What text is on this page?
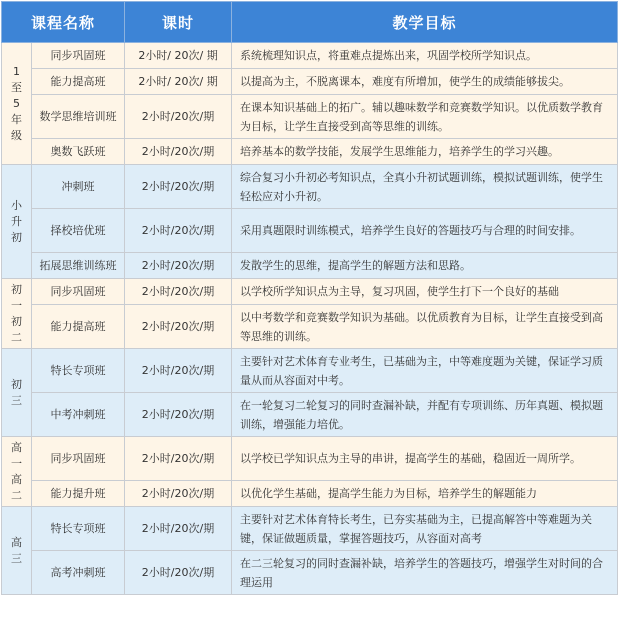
课程名称		课时	教学目标
1至5年级	同步巩固班	2小时/ 20次/ 期	系统梳理知识点，将重难点提炼出来，巩固学校所学知识点。
	能力提高班	2小时/ 20次/ 期	以提高为主，不脱离课本，难度有所增加，使学生的成绩能够拔尖。
	数学思维培训班	2小时/20次/期	在课本知识基础上的拓广。辅以趣味数学和竞赛数学知识。以优质数学教育为目标，让学生直接受到高等思维的训练。
	奥数飞跃班	2小时/20次/期	培养基本的数学技能，发展学生思维能力，培养学生的学习兴趣。
小升初	冲刺班	2小时/20次/期	综合复习小升初必考知识点，全真小升初试题训练，模拟试题训练，使学生轻松应对小升初。
	择校培优班	2小时/20次/期	采用真题限时训练模式，培养学生良好的答题技巧与合理的时间安排。
	拓展思维训练班	2小时/20次/期	发散学生的思维，提高学生的解题方法和思路。
初一初二	同步巩固班	2小时/20次/期	以学校所学知识点为主导，复习巩固，使学生打下一个良好的基础
	能力提高班	2小时/20次/期	以中考数学和竞赛数学知识为基础。以优质教育为目标，让学生直接受到高等思维的训练。
初三	特长专项班	2小时/20次/期	主要针对艺术体育专业考生，已基础为主，中等难度题为关键，保证学习质量从而从容面对中考。
	中考冲刺班	2小时/20次/期	在一轮复习二轮复习的同时查漏补缺，并配有专项训练、历年真题、模拟题训练，增强能力培优。
高一高二	同步巩固班	2小时/20次/期	以学校已学知识点为主导的串讲，提高学生的基础，稳固近一周所学。
	能力提升班	2小时/20次/期	以优化学生基础，提高学生能力为目标，培养学生的解题能力
高三	特长专项班	2小时/20次/期	主要针对艺术体育特长考生，已夯实基础为主，已提高解答中等难题为关键，保证做题质量，掌握答题技巧，从容面对高考
	高考冲刺班	2小时/20次/期	在二三轮复习的同时查漏补缺，培养学生的答题技巧，增强学生对时间的合理运用
